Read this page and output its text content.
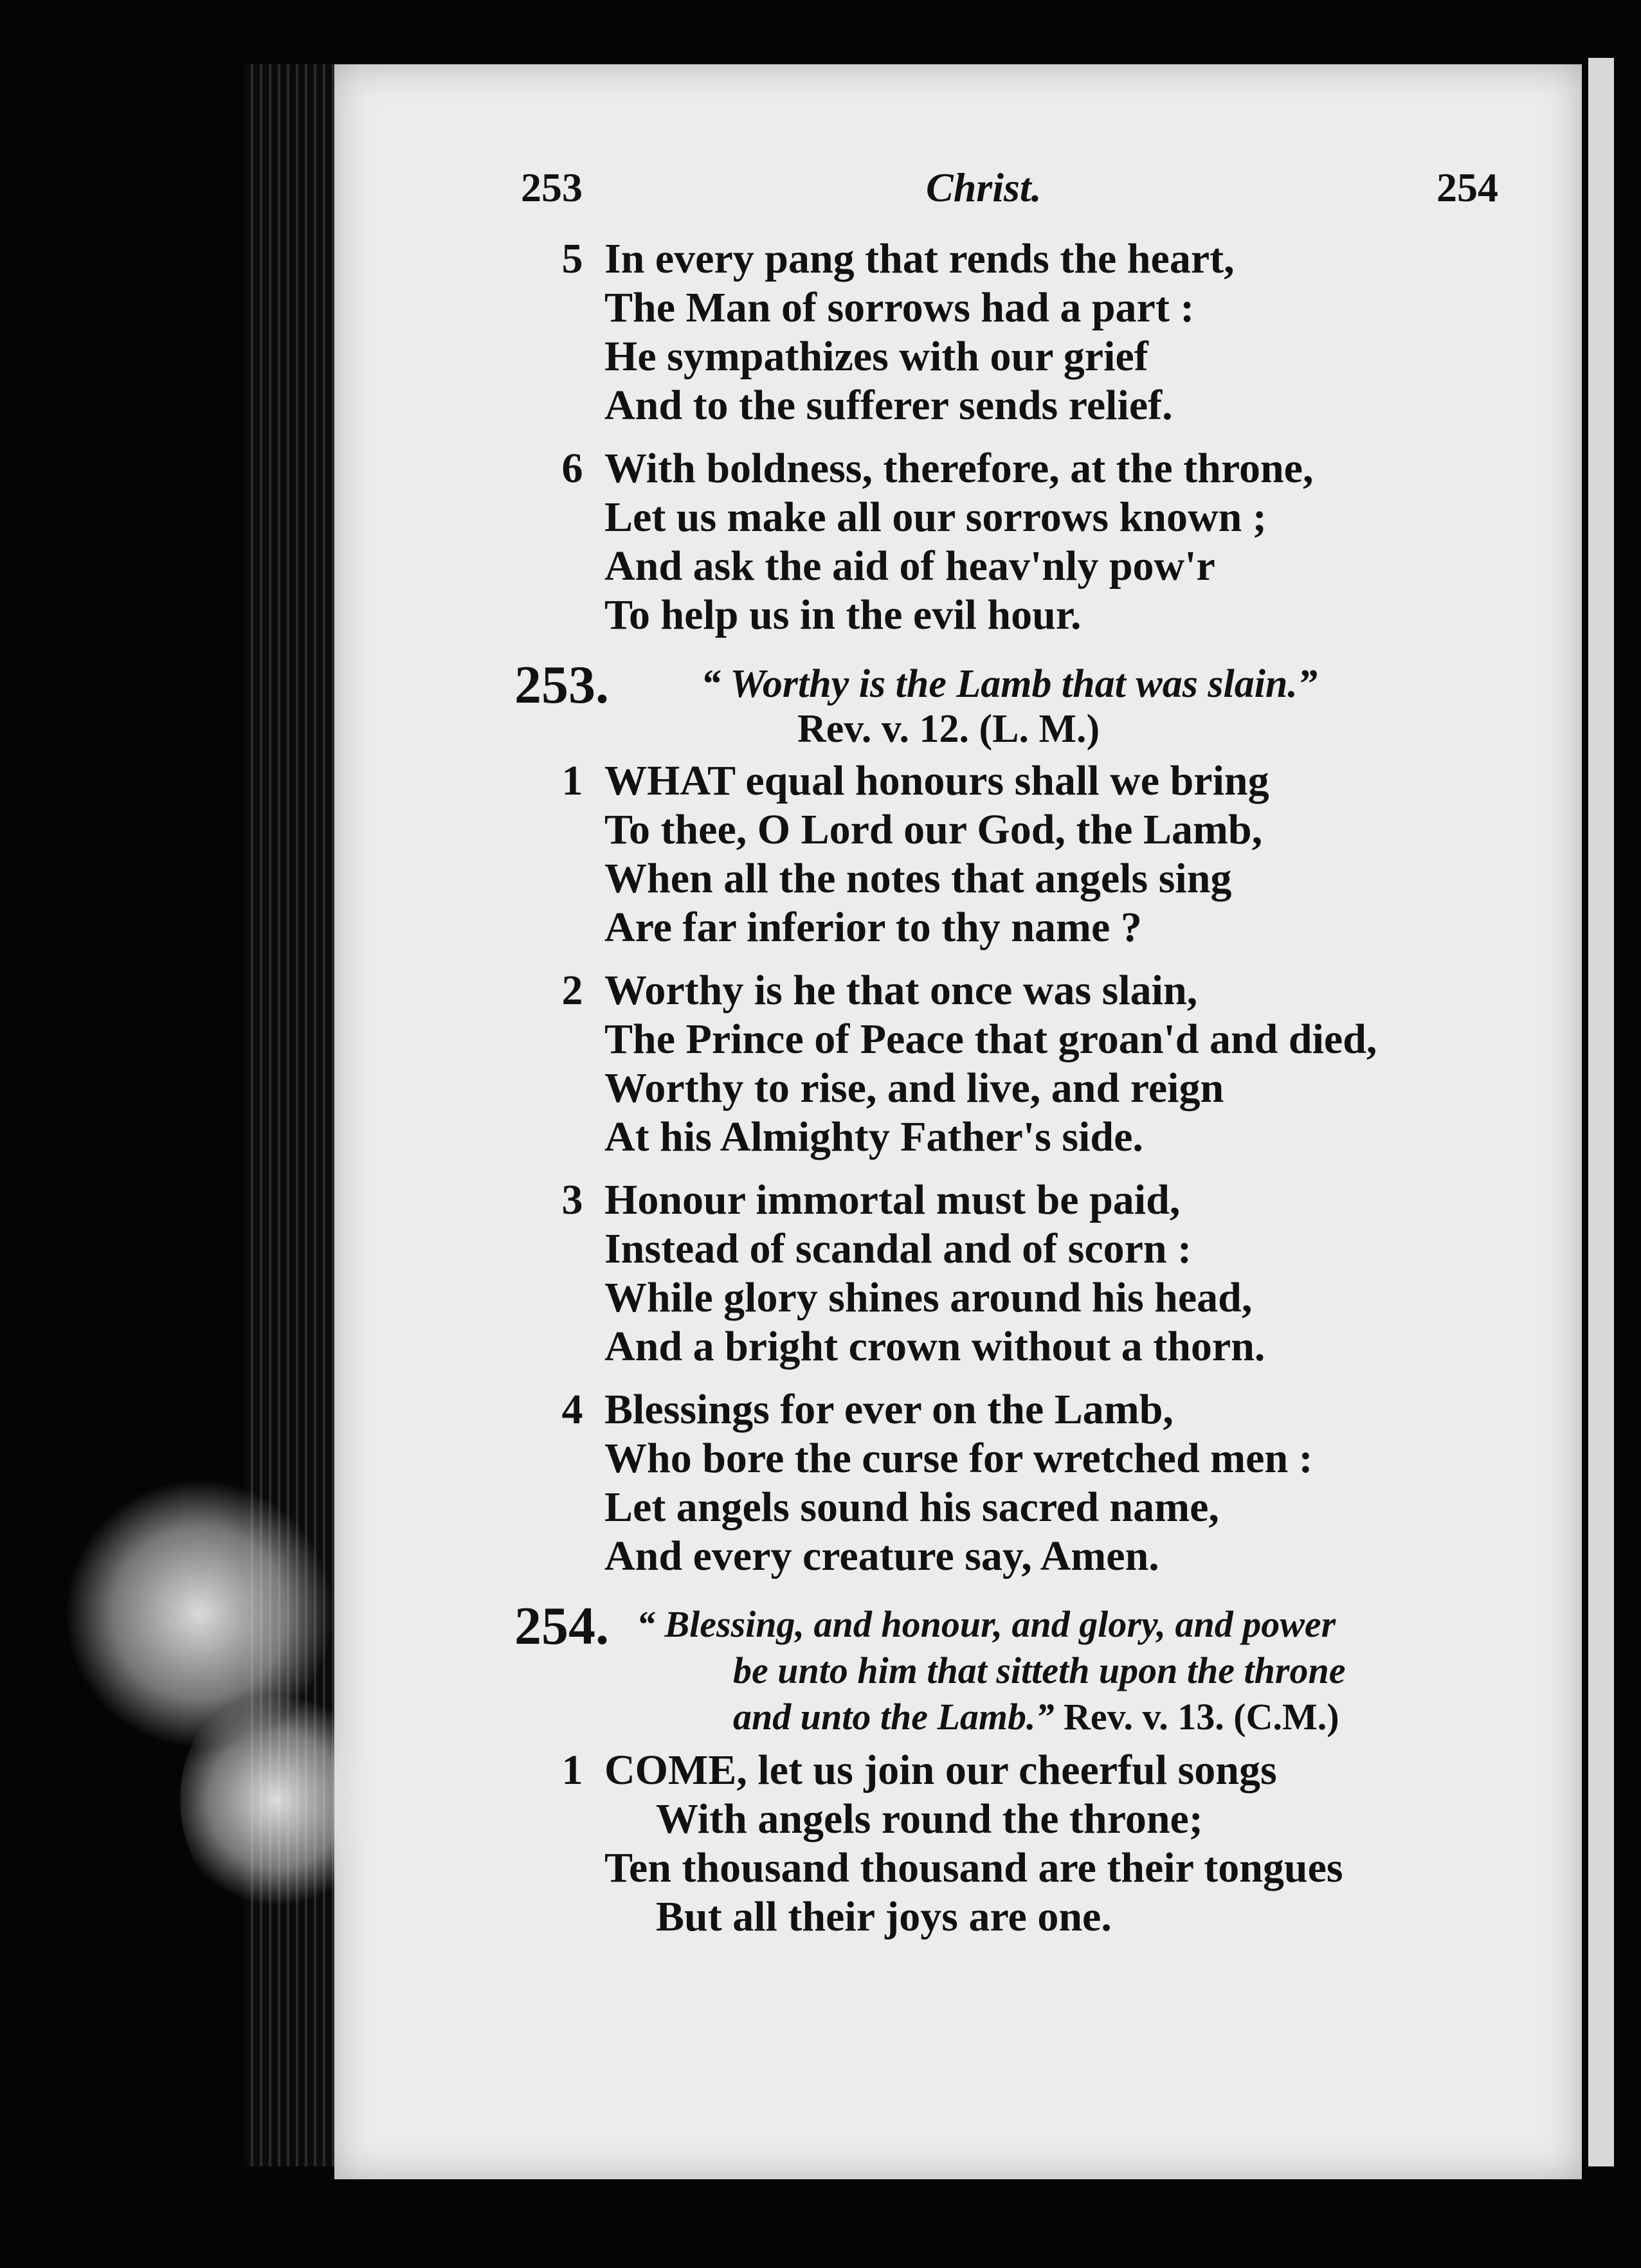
253	Christ.	254
5 In every pang that rends the heart,
The Man of sorrows had a part :
He sympathizes with our grief
And to the sufferer sends relief.
6 With boldness, therefore, at the throne,
Let us make all our sorrows known ;
And ask the aid of heav'nly pow'r
To help us in the evil hour.
253. “ Worthy is the Lamb that was slain.”
Rev. v. 12. (L. M.)
1 WHAT equal honours shall we bring
To thee, O Lord our God, the Lamb,
When all the notes that angels sing
Are far inferior to thy name ?
2 Worthy is he that once was slain,
The Prince of Peace that groan'd and died,
Worthy to rise, and live, and reign
At his Almighty Father's side.
3 Honour immortal must be paid,
Instead of scandal and of scorn :
While glory shines around his head,
And a bright crown without a thorn.
4 Blessings for ever on the Lamb,
Who bore the curse for wretched men :
Let angels sound his sacred name,
And every creature say, Amen.
254. “ Blessing, and honour, and glory, and power
be unto him that sitteth upon the throne
and unto the Lamb.” Rev. v. 13. (C.M.)
1 COME, let us join our cheerful songs
With angels round the throne;
Ten thousand thousand are their tongues
But all their joys are one.
